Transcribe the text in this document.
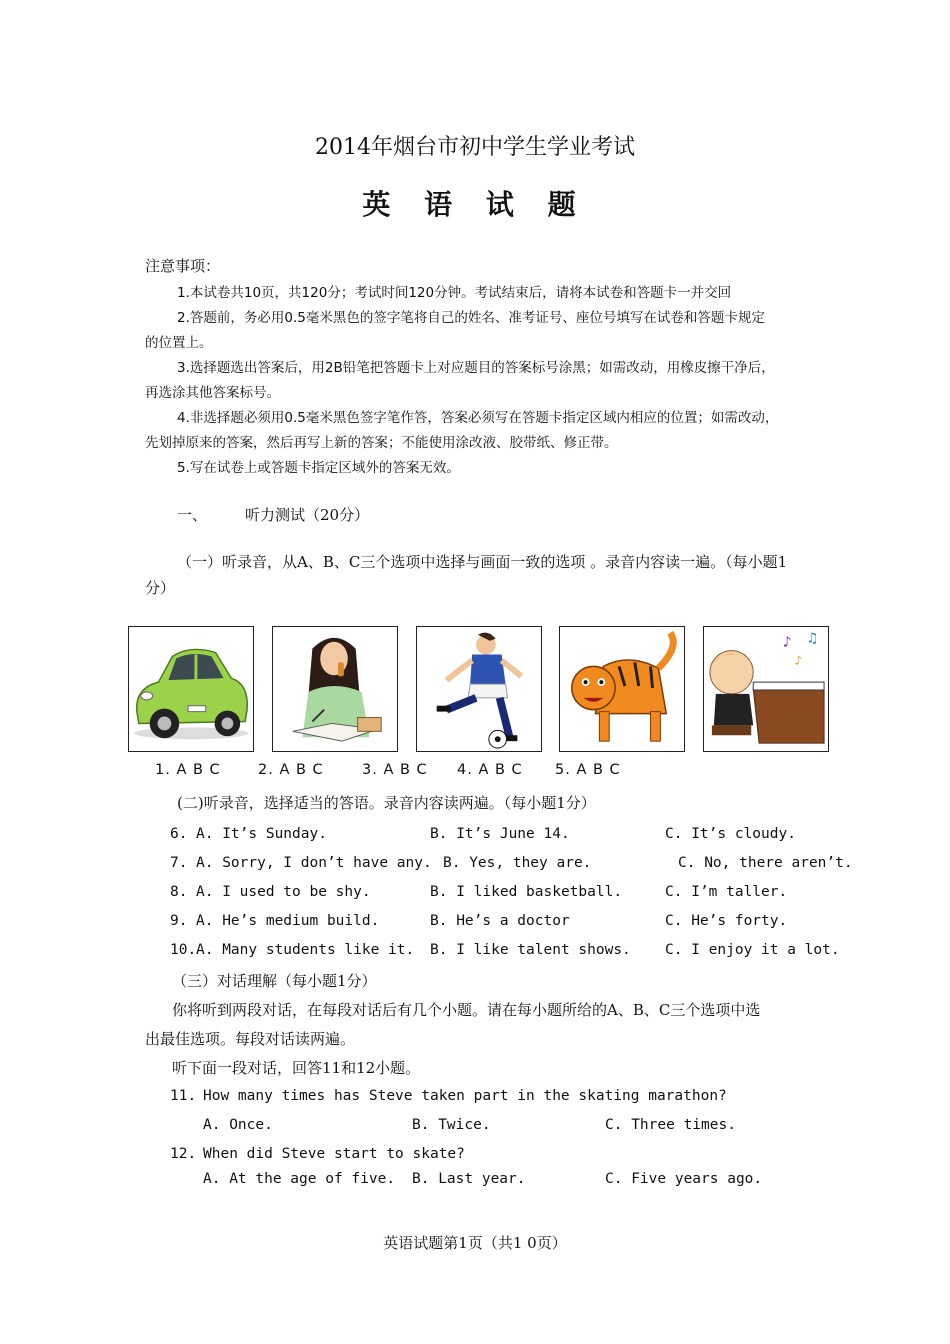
2014年烟台市初中学生学业考试
英 语 试 题
注意事项：
1.本试卷共10页，共120分；考试时间120分钟。考试结束后，请将本试卷和答题卡一并交回
2.答题前，务必用0.5毫米黑色的签字笔将自己的姓名、准考证号、座位号填写在试卷和答题卡规定
的位置上。
3.选择题选出答案后，用2B铅笔把答题卡上对应题目的答案标号涂黑；如需改动，用橡皮擦干净后，
再选涂其他答案标号。
4.非选择题必须用0.5毫米黑色签字笔作答，答案必须写在答题卡指定区域内相应的位置；如需改动，
先划掉原来的答案，然后再写上新的答案；不能使用涂改液、胶带纸、修正带。
5.写在试卷上或答题卡指定区域外的答案无效。
一、	听力测试（20分）
（一）听录音，从A、B、C三个选项中选择与画面一致的选项 。录音内容读一遍。（每小题1
分）
♪ ♫
♪
1. A B C	2. A B C	3. A B C 4. A B C 5. A B C
(二)听录音，选择适当的答语。录音内容读两遍。（每小题1分）
6. A. It’s Sunday.	B. It’s June 14.	C. It’s cloudy.
7. A. Sorry, I don’t have any. B. Yes, they are.	C. No, there aren’t.
8. A. I used to be shy.	B. I liked basketball.	C. I’m taller.
9. A. He’s medium build.	B. He’s a doctor	C. He’s forty.
10. A. Many students like it. B. I like talent shows. C. I enjoy it a lot.
（三）对话理解（每小题1分）
你将听到两段对话，在每段对话后有几个小题。请在每小题所给的A、B、C三个选项中选
出最佳选项。每段对话读两遍。
听下面一段对话，回答11和12小题。
11. How many times has Steve taken part in the skating marathon?
A. Once.	B. Twice.	C. Three times.
12. When did Steve start to skate?
A. At the age of five. B. Last year.	C. Five years ago.
英语试题第1页（共1 0页）
